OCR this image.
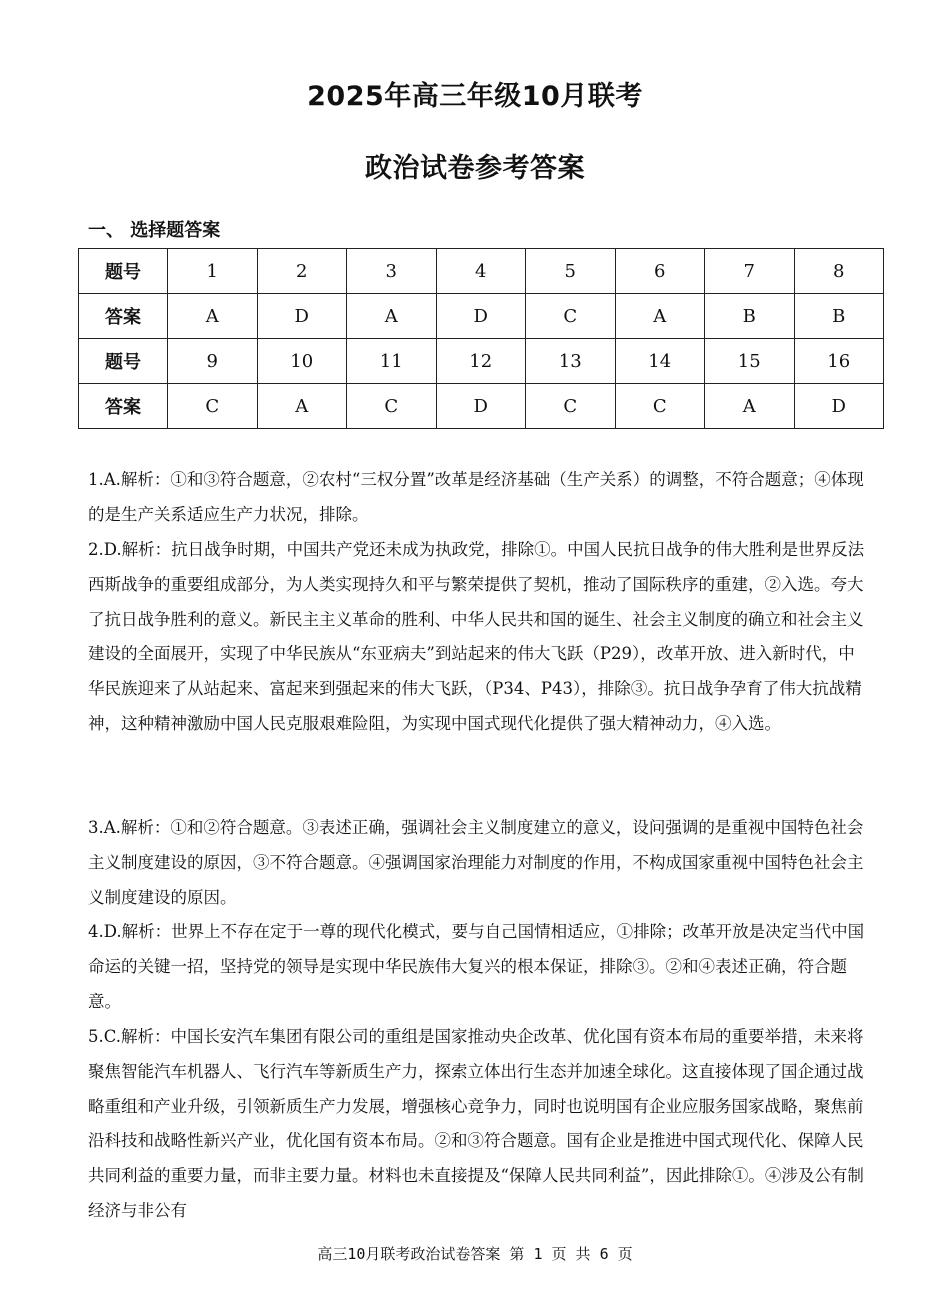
2025年高三年级10月联考
政治试卷参考答案
一、 选择题答案
题号	1	2	3	4	5	6	7	8
答案	A	D	A	D	C	A	B	B
题号	9	10	11	12	13	14	15	16
答案	C	A	C	D	C	C	A	D

1.A.解析：①和③符合题意，②农村“三权分置”改革是经济基础（生产关系）的调整，不符合题意；④体现的是生产关系适应生产力状况，排除。

2.D.解析：抗日战争时期，中国共产党还未成为执政党，排除①。中国人民抗日战争的伟大胜利是世界反法西斯战争的重要组成部分，为人类实现持久和平与繁荣提供了契机，推动了国际秩序的重建，②入选。夸大了抗日战争胜利的意义。新民主主义革命的胜利、中华人民共和国的诞生、社会主义制度的确立和社会主义建设的全面展开，实现了中华民族从“东亚病夫”到站起来的伟大飞跃（P29），改革开放、进入新时代，中华民族迎来了从站起来、富起来到强起来的伟大飞跃，（P34、P43），排除③。抗日战争孕育了伟大抗战精神，这种精神激励中国人民克服艰难险阻，为实现中国式现代化提供了强大精神动力，④入选。

3.A.解析：①和②符合题意。③表述正确，强调社会主义制度建立的意义，设问强调的是重视中国特色社会主义制度建设的原因，③不符合题意。④强调国家治理能力对制度的作用，不构成国家重视中国特色社会主义制度建设的原因。

4.D.解析：世界上不存在定于一尊的现代化模式，要与自己国情相适应，①排除；改革开放是决定当代中国命运的关键一招，坚持党的领导是实现中华民族伟大复兴的根本保证，排除③。②和④表述正确，符合题意。

5.C.解析：中国长安汽车集团有限公司的重组是国家推动央企改革、优化国有资本布局的重要举措，未来将聚焦智能汽车机器人、飞行汽车等新质生产力，探索立体出行生态并加速全球化。这直接体现了国企通过战略重组和产业升级，引领新质生产力发展，增强核心竞争力，同时也说明国有企业应服务国家战略，聚焦前沿科技和战略性新兴产业，优化国有资本布局。②和③符合题意。国有企业是推进中国式现代化、保障人民共同利益的重要力量，而非主要力量。材料也未直接提及“保障人民共同利益”，因此排除①。④涉及公有制经济与非公有

高三10月联考政治试卷答案 第 1 页 共 6 页
